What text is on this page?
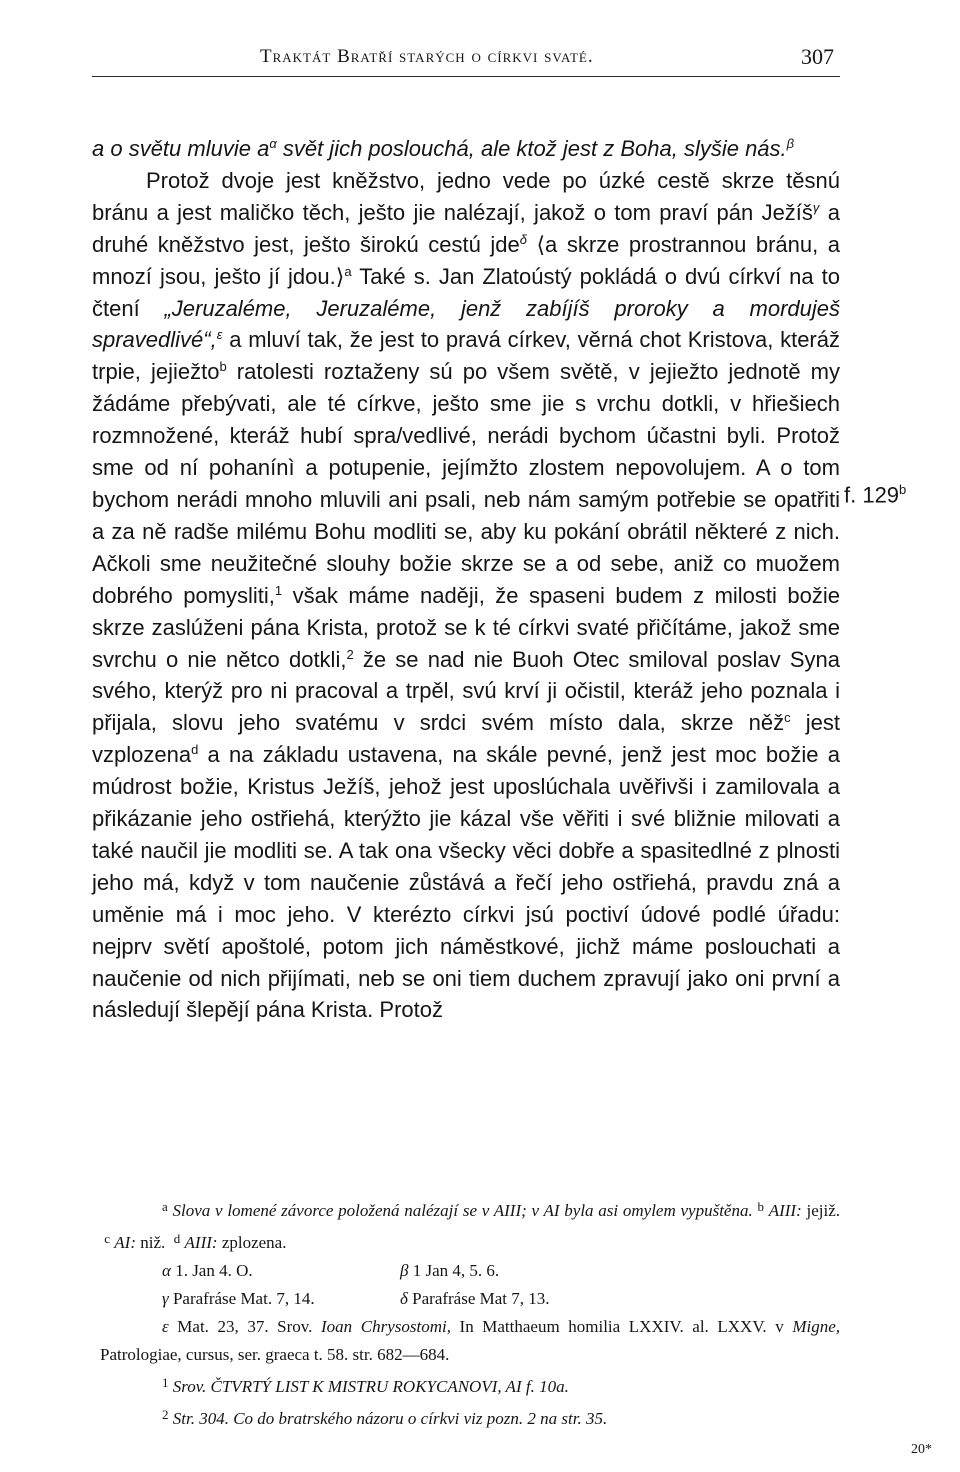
Traktát Bratří starých o církvi svaté.	307

a o světu mluvie a$^\alpha$ svět jich poslouchá, ale ktož jest z Boha, slyšie nás.$^\beta$

Protož dvoje jest kněžstvo, jedno vede po úzké cestě skrze těsnú bránu a jest maličko těch, ješto jie nalézají, jakož o tom praví pán Ježíš$^\gamma$ a druhé kněžstvo jest, ješto širokú cestú jde$^\delta$ ⟨a skrze prostrannou bránu, a mnozí jsou, ješto jí jdou.⟩$^a$ Také s. Jan Zlatoústý pokládá o dvú církví na to čtení „Jeruzaléme, Jeruzaléme, jenž zabíjíš proroky a morduješ spravedlivé“,$^\varepsilon$ a mluví tak, že jest to pravá církev, věrná chot Kristova, kteráž trpie, jejiežto$^b$ ratolesti roztaženy sú po všem světě, v jejiežto jednotě my žádáme přebývati, ale té církve, ješto sme jie s vrchu dotkli, v hřiešiech rozmnožené, kteráž hubí spra/vedlivé, nerádi bychom účastni byli. Protož sme od ní pohanínì a potupenie, jejímžto zlostem nepovolujem. A o tom bychom nerádi mnoho mluvili ani psali, neb nám samým potřebie se opatřiti a za ně radše milému Bohu modliti se, aby ku pokání obrátil některé z nich. Ačkoli sme neužitečné slouhy božie skrze se a od sebe, aniž co muožem dobrého pomysliti,$^1$ však máme naději, že spaseni budem z milosti božie skrze zaslúženi pána Krista, protož se k té církvi svaté přičítáme, jakož sme svrchu o nie nětco dotkli,$^2$ že se nad nie Buoh Otec smiloval poslav Syna svého, kterýž pro ni pracoval a trpěl, svú krví ji očistil, kteráž jeho poznala i přijala, slovu jeho svatému v srdci svém místo dala, skrze něž$^c$ jest vzplozena$^d$ a na základu ustavena, na skále pevné, jenž jest moc božie a múdrost božie, Kristus Ježíš, jehož jest uposlúchala uvěřivši i zamilovala a přikázanie jeho ostřiehá, kterýžto jie kázal vše věřiti i své bližnie milovati a také naučil jie modliti se. A tak ona všecky věci dobře a spasitedlné z plnosti jeho má, když v tom naučenie zůstává a řečí jeho ostřiehá, pravdu zná a uměnie má i moc jeho. V kterézto církvi jsú poctiví údové podlé úřadu: nejprv světí apoštolé, potom jich náměstkové, jichž máme poslouchati a naučenie od nich přijímati, neb se oni tiem duchem zpravují jako oni první a následují šlepějí pána Krista. Protož

f. 129$^b$

$^a$ Slova v lomené závorce položená nalézají se v AIII; v AI byla asi omylem vypuštěna. $^b$ AIII: jejiž.  $^c$ AI: niž. $^d$ AIII: zplozena.

α 1. Jan 4. O.	β 1 Jan 4, 5. 6.
γ Parafráse Mat. 7, 14.	δ Parafráse Mat 7, 13.

ε Mat. 23, 37. Srov. Ioan Chrysostomi, In Matthaeum homilia LXXIV. al. LXXV. v Migne, Patrologiae, cursus, ser. graeca t. 58. str. 682—684.

$^1$ Srov. ČTVRTÝ LIST K MISTRU ROKYCANOVI, AI f. 10a.

$^2$ Str. 304. Co do bratrského názoru o církvi viz pozn. 2 na str. 35.

20*
